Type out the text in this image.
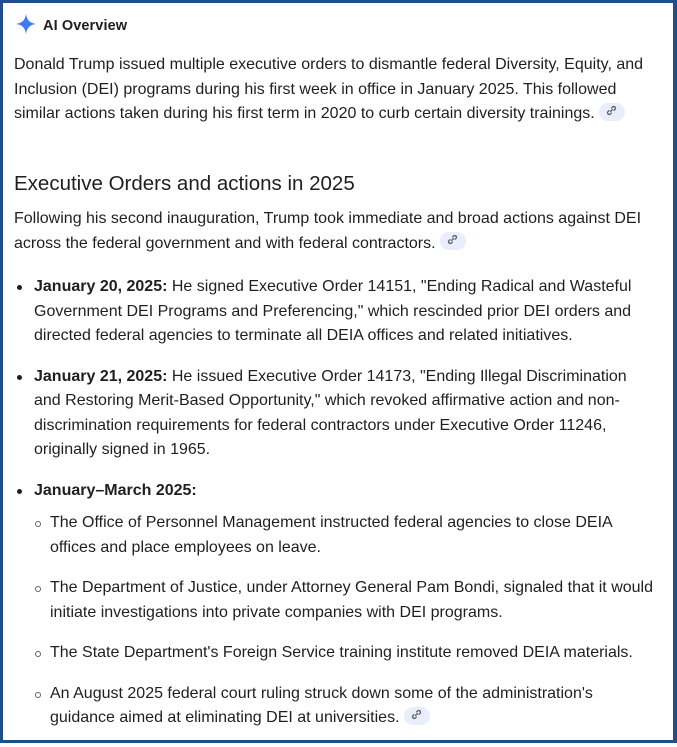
AI Overview

Donald Trump issued multiple executive orders to dismantle federal Diversity, Equity, and Inclusion (DEI) programs during his first week in office in January 2025. This followed similar actions taken during his first term in 2020 to curb certain diversity trainings.

Executive Orders and actions in 2025

Following his second inauguration, Trump took immediate and broad actions against DEI across the federal government and with federal contractors.

January 20, 2025: He signed Executive Order 14151, "Ending Radical and Wasteful Government DEI Programs and Preferencing," which rescinded prior DEI orders and directed federal agencies to terminate all DEIA offices and related initiatives.
January 21, 2025: He issued Executive Order 14173, "Ending Illegal Discrimination and Restoring Merit-Based Opportunity," which revoked affirmative action and non-discrimination requirements for federal contractors under Executive Order 11246, originally signed in 1965.
January–March 2025:
The Office of Personnel Management instructed federal agencies to close DEIA offices and place employees on leave.
The Department of Justice, under Attorney General Pam Bondi, signaled that it would initiate investigations into private companies with DEI programs.
The State Department's Foreign Service training institute removed DEIA materials.
An August 2025 federal court ruling struck down some of the administration's guidance aimed at eliminating DEI at universities.
